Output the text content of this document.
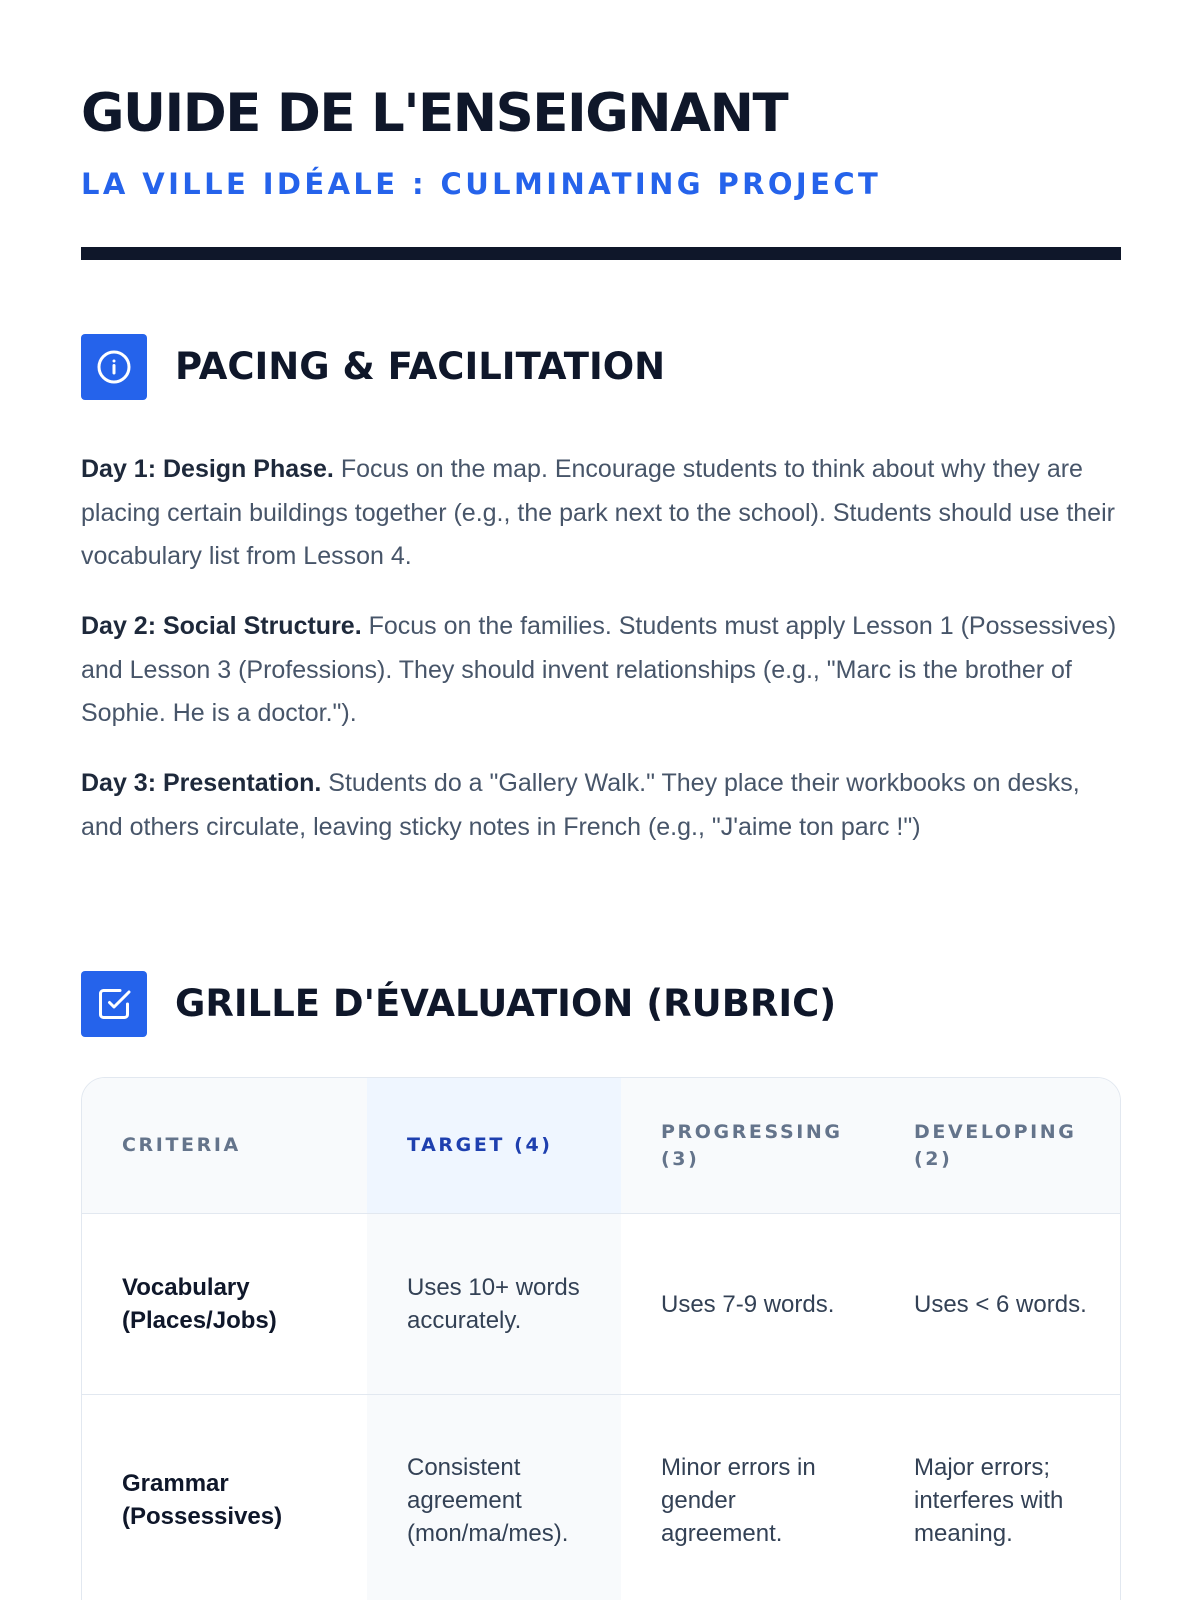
GUIDE DE L'ENSEIGNANT
LA VILLE IDÉALE : CULMINATING PROJECT
PACING & FACILITATION

Day 1: Design Phase. Focus on the map. Encourage students to think about why they are placing certain buildings together (e.g., the park next to the school). Students should use their vocabulary list from Lesson 4.

Day 2: Social Structure. Focus on the families. Students must apply Lesson 1 (Possessives) and Lesson 3 (Professions). They should invent relationships (e.g., "Marc is the brother of Sophie. He is a doctor.").

Day 3: Presentation. Students do a "Gallery Walk." They place their workbooks on desks, and others circulate, leaving sticky notes in French (e.g., "J'aime ton parc !")

GRILLE D'ÉVALUATION (RUBRIC)
CRITERIA	TARGET (4)	PROGRESSING (3)	DEVELOPING (2)
Vocabulary (Places/Jobs)	Uses 10+ words accurately.	Uses 7-9 words.	Uses < 6 words.
Grammar (Possessives)	Consistent agreement (mon/ma/mes).	Minor errors in gender agreement.	Major errors; interferes with meaning.
